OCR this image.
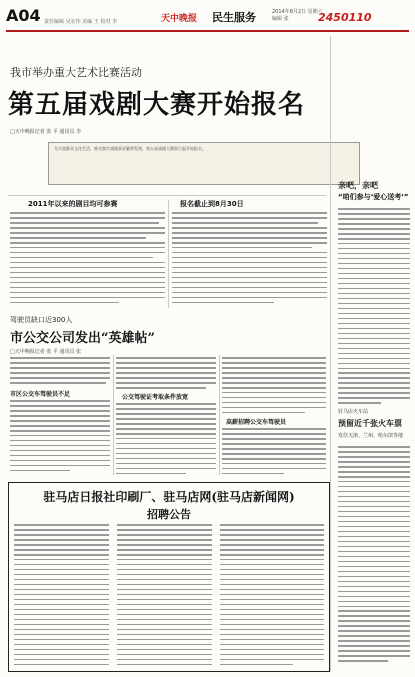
A04 责任编辑 吴宏伟 美编 王 校对 李	天中晚报 民生服务	2014年8月2日 星期六
编辑 张	2450110
我市举办重大艺术比赛活动
第五届戏剧大赛开始报名
□天中晚报记者 张 平 通讯员 李
为丰富群众文化生活，推动我市戏剧事业繁荣发展，第五届戏剧大赛即日起开始报名。
2011年以来的剧目均可参赛	报名截止到8月30日
驾驶员缺口近300人
市公交公司发出“英雄帖”
□天中晚报记者 张 平 通讯员 张
市区公交车驾驶员不足	公交驾驶证考取条件放宽
高薪招聘公交车驾驶员
亲吧，亲吧
“咱们参与‘爱心送考’”
驻马店火车站
预留近千张火车票
发往天津、兰州、哈尔滨等地
驻马店日报社印刷厂、驻马店网(驻马店新闻网)
招聘公告
